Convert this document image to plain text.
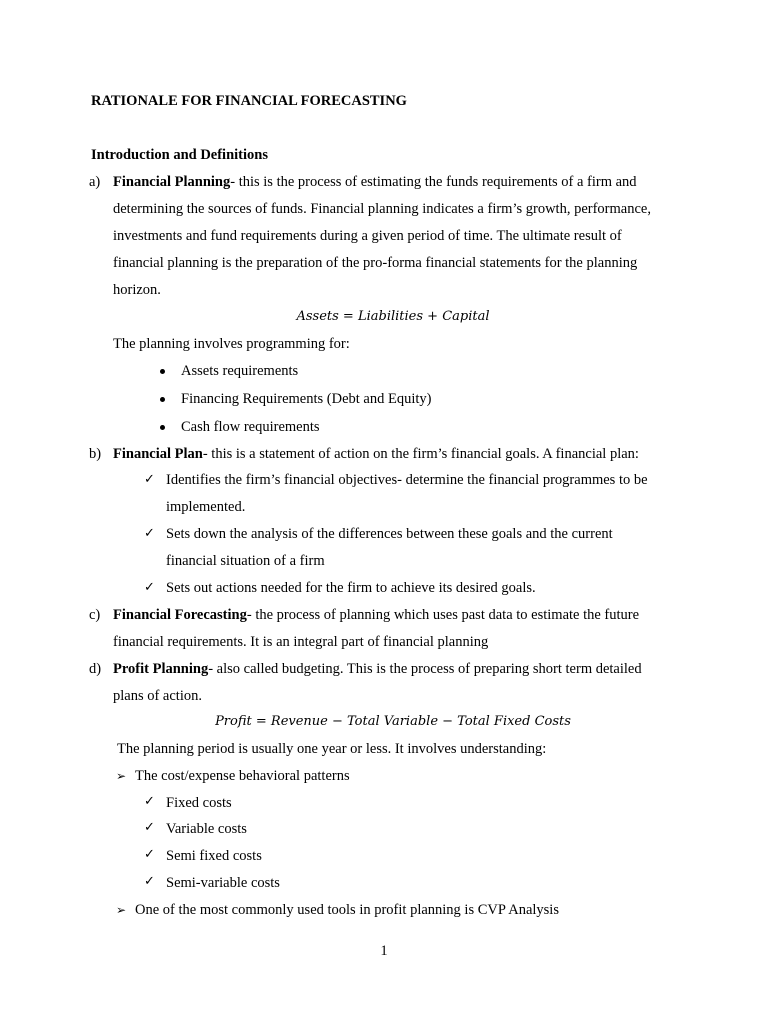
RATIONALE FOR FINANCIAL FORECASTING
Introduction and Definitions
a) Financial Planning- this is the process of estimating the funds requirements of a firm and
determining the sources of funds. Financial planning indicates a firm’s growth, performance,
investments and fund requirements during a given period of time. The ultimate result of
financial planning is the preparation of the pro-forma financial statements for the planning
horizon.
Assets = Liabilities + Capital
The planning involves programming for:
Assets requirements
Financing Requirements (Debt and Equity)
Cash flow requirements
b) Financial Plan- this is a statement of action on the firm’s financial goals. A financial plan:
✓ Identifies the firm’s financial objectives- determine the financial programmes to be
implemented.
✓ Sets down the analysis of the differences between these goals and the current
financial situation of a firm
✓ Sets out actions needed for the firm to achieve its desired goals.
c) Financial Forecasting- the process of planning which uses past data to estimate the future
financial requirements. It is an integral part of financial planning
d) Profit Planning- also called budgeting. This is the process of preparing short term detailed
plans of action.
Profit = Revenue − Total Variable − Total Fixed Costs
The planning period is usually one year or less. It involves understanding:
➢ The cost/expense behavioral patterns
✓ Fixed costs
✓ Variable costs
✓ Semi fixed costs
✓ Semi-variable costs
➢ One of the most commonly used tools in profit planning is CVP Analysis
1
